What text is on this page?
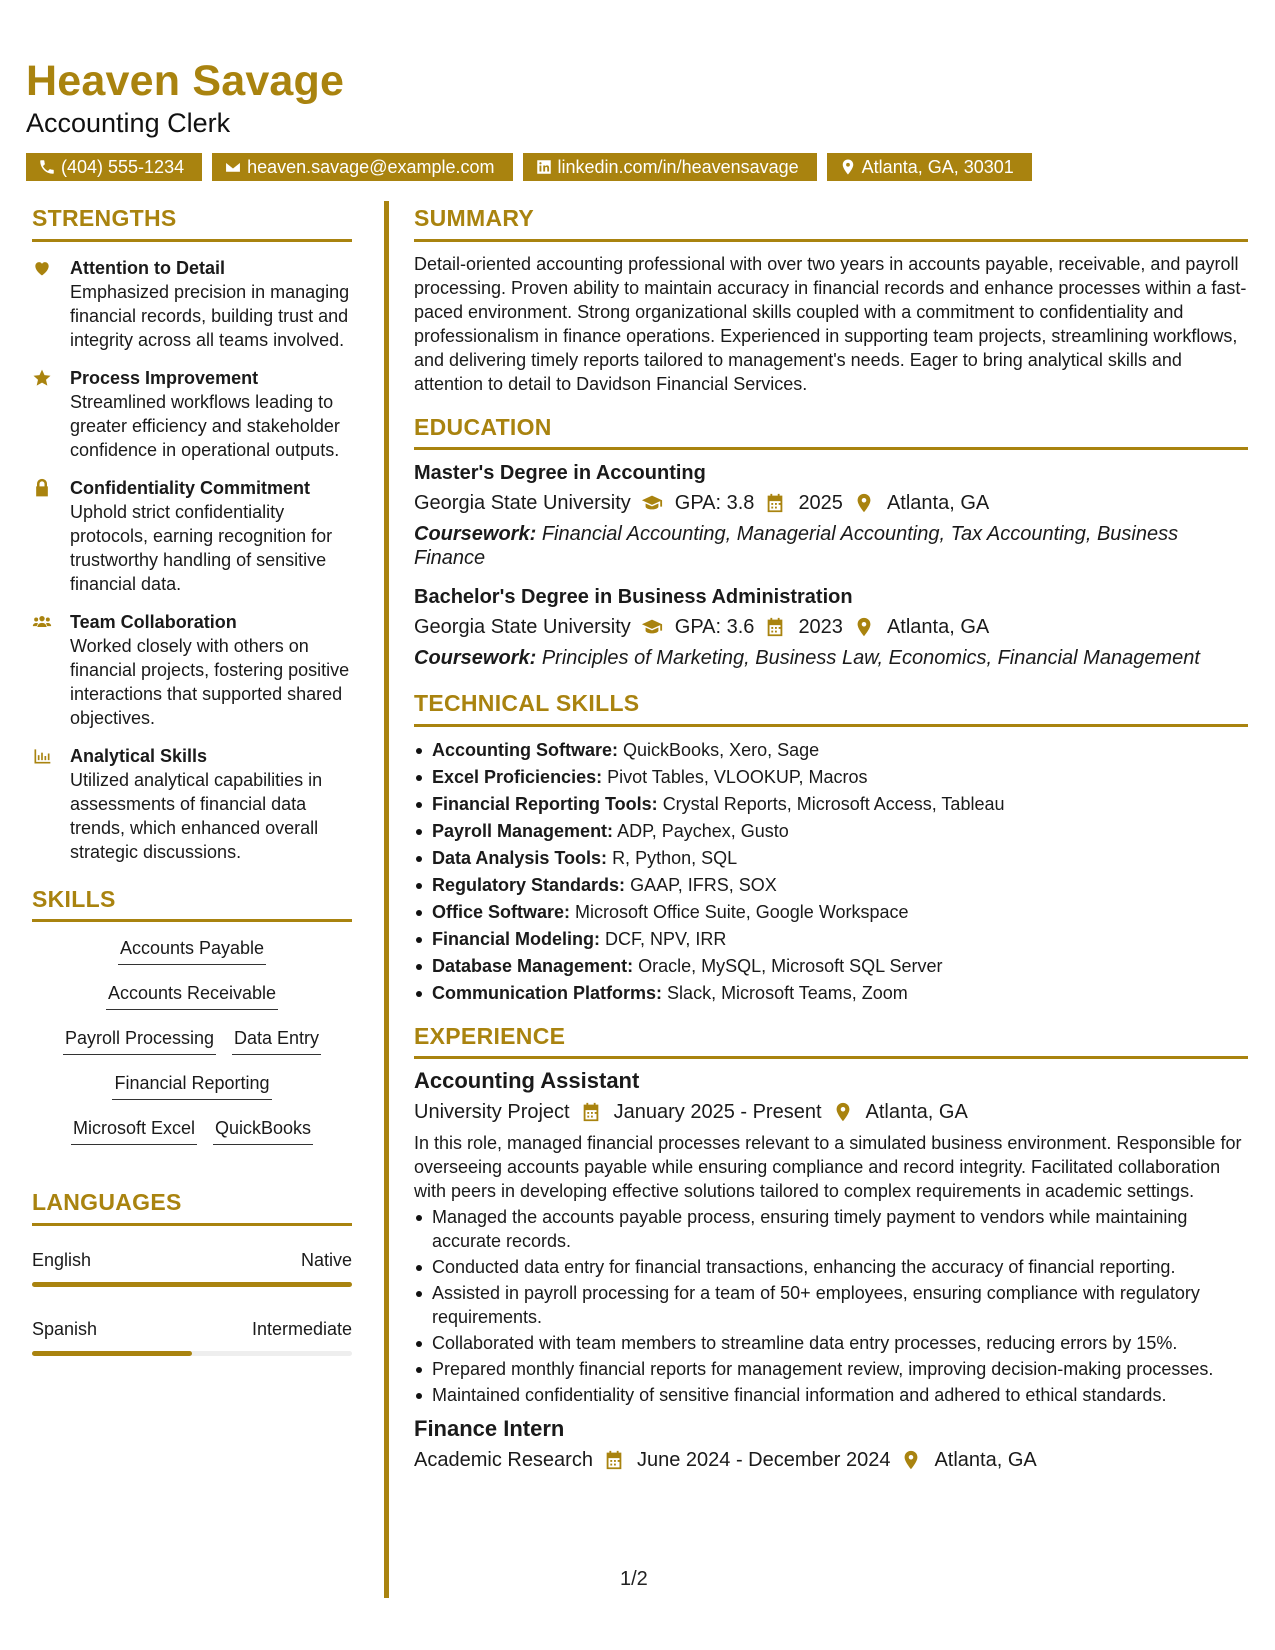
Heaven Savage
Accounting Clerk
(404) 555-1234	heaven.savage@example.com	linkedin.com/in/heavensavage	Atlanta, GA, 30301
STRENGTHS
Attention to Detail
Emphasized precision in managing financial records, building trust and integrity across all teams involved.
Process Improvement
Streamlined workflows leading to greater efficiency and stakeholder confidence in operational outputs.
Confidentiality Commitment
Uphold strict confidentiality protocols, earning recognition for trustworthy handling of sensitive financial data.
Team Collaboration
Worked closely with others on financial projects, fostering positive interactions that supported shared objectives.
Analytical Skills
Utilized analytical capabilities in assessments of financial data trends, which enhanced overall strategic discussions.
SKILLS
Accounts Payable
Accounts Receivable
Payroll Processing Data Entry
Financial Reporting
Microsoft Excel QuickBooks
LANGUAGES
English	Native
Spanish	Intermediate
SUMMARY
Detail-oriented accounting professional with over two years in accounts payable, receivable, and payroll processing. Proven ability to maintain accuracy in financial records and enhance processes within a fast-paced environment. Strong organizational skills coupled with a commitment to confidentiality and professionalism in finance operations. Experienced in supporting team projects, streamlining workflows, and delivering timely reports tailored to management's needs. Eager to bring analytical skills and attention to detail to Davidson Financial Services.
EDUCATION
Master's Degree in Accounting
Georgia State University GPA: 3.8 2025 Atlanta, GA
Coursework: Financial Accounting, Managerial Accounting, Tax Accounting, Business Finance
Bachelor's Degree in Business Administration
Georgia State University GPA: 3.6 2023 Atlanta, GA
Coursework: Principles of Marketing, Business Law, Economics, Financial Management
TECHNICAL SKILLS
Accounting Software: QuickBooks, Xero, Sage
Excel Proficiencies: Pivot Tables, VLOOKUP, Macros
Financial Reporting Tools: Crystal Reports, Microsoft Access, Tableau
Payroll Management: ADP, Paychex, Gusto
Data Analysis Tools: R, Python, SQL
Regulatory Standards: GAAP, IFRS, SOX
Office Software: Microsoft Office Suite, Google Workspace
Financial Modeling: DCF, NPV, IRR
Database Management: Oracle, MySQL, Microsoft SQL Server
Communication Platforms: Slack, Microsoft Teams, Zoom
EXPERIENCE
Accounting Assistant
University Project January 2025 - Present Atlanta, GA
In this role, managed financial processes relevant to a simulated business environment. Responsible for overseeing accounts payable while ensuring compliance and record integrity. Facilitated collaboration with peers in developing effective solutions tailored to complex requirements in academic settings.
Managed the accounts payable process, ensuring timely payment to vendors while maintaining accurate records.
Conducted data entry for financial transactions, enhancing the accuracy of financial reporting.
Assisted in payroll processing for a team of 50+ employees, ensuring compliance with regulatory requirements.
Collaborated with team members to streamline data entry processes, reducing errors by 15%.
Prepared monthly financial reports for management review, improving decision-making processes.
Maintained confidentiality of sensitive financial information and adhered to ethical standards.
Finance Intern
Academic Research June 2024 - December 2024 Atlanta, GA
1/2
